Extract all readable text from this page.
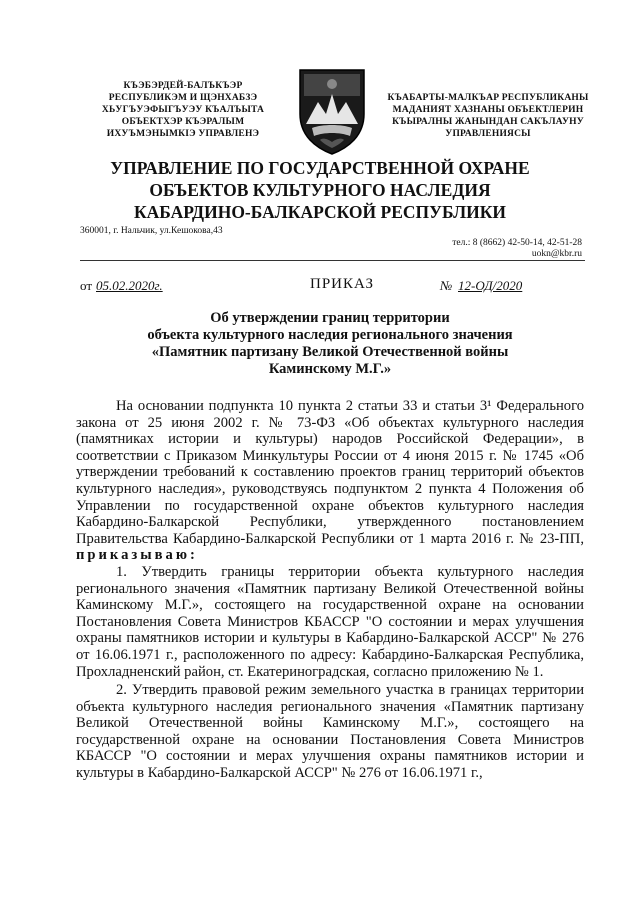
КЪЭБЭРДЕЙ-БАЛЪКЪЭР
РЕСПУБЛИКЭМ И ЩЭНХАБЗЭ
ХЬУГЪУЭФЫГЪУЭУ КЪАЛЪЫТА
ОБЪЕКТХЭР КЪЭРАЛЫМ
ИХУЪМЭНЫМКІЭ УПРАВЛЕНЭ
КЪАБАРТЫ-МАЛКЪАР РЕСПУБЛИКАНЫ
МАДАНИЯТ ХАЗНАНЫ ОБЪЕКТЛЕРИН
КЪЫРАЛНЫ ЖАНЫНДАН САКЪЛАУНУ
УПРАВЛЕНИЯСЫ
УПРАВЛЕНИЕ ПО ГОСУДАРСТВЕННОЙ ОХРАНЕ
ОБЪЕКТОВ КУЛЬТУРНОГО НАСЛЕДИЯ
КАБАРДИНО-БАЛКАРСКОЙ РЕСПУБЛИКИ
360001, г. Нальчик, ул.Кешокова,43
тел.: 8 (8662) 42-50-14, 42-51-28
uokn@kbr.ru
от 05.02.2020г.	ПРИКАЗ	№ 12-ОД/2020
Об утверждении границ территории
объекта культурного наследия регионального значения
«Памятник партизану Великой Отечественной войны
Каминскому М.Г.»

На основании подпункта 10 пункта 2 статьи 33 и статьи 3¹ Федерального закона от 25 июня 2002 г. № 73-ФЗ «Об объектах культурного наследия (памятниках истории и культуры) народов Российской Федерации», в соответствии с Приказом Минкультуры России от 4 июня 2015 г. № 1745 «Об утверждении требований к составлению проектов границ территорий объектов культурного наследия», руководствуясь подпунктом 2 пункта 4 Положения об Управлении по государственной охране объектов культурного наследия Кабардино-Балкарской Республики, утвержденного постановлением Правительства Кабардино-Балкарской Республики от 1 марта 2016 г. № 23-ПП, приказываю:

1. Утвердить границы территории объекта культурного наследия регионального значения «Памятник партизану Великой Отечественной войны Каминскому М.Г.», состоящего на государственной охране на основании Постановления Совета Министров КБАССР "О состоянии и мерах улучшения охраны памятников истории и культуры в Кабардино-Балкарской АССР" № 276 от 16.06.1971 г., расположенного по адресу: Кабардино-Балкарская Республика, Прохладненский район, ст. Екатериноградская, согласно приложению № 1.

2. Утвердить правовой режим земельного участка в границах территории объекта культурного наследия регионального значения «Памятник партизану Великой Отечественной войны Каминскому М.Г.», состоящего на государственной охране на основании Постановления Совета Министров КБАССР "О состоянии и мерах улучшения охраны памятников истории и культуры в Кабардино-Балкарской АССР" № 276 от 16.06.1971 г.,
